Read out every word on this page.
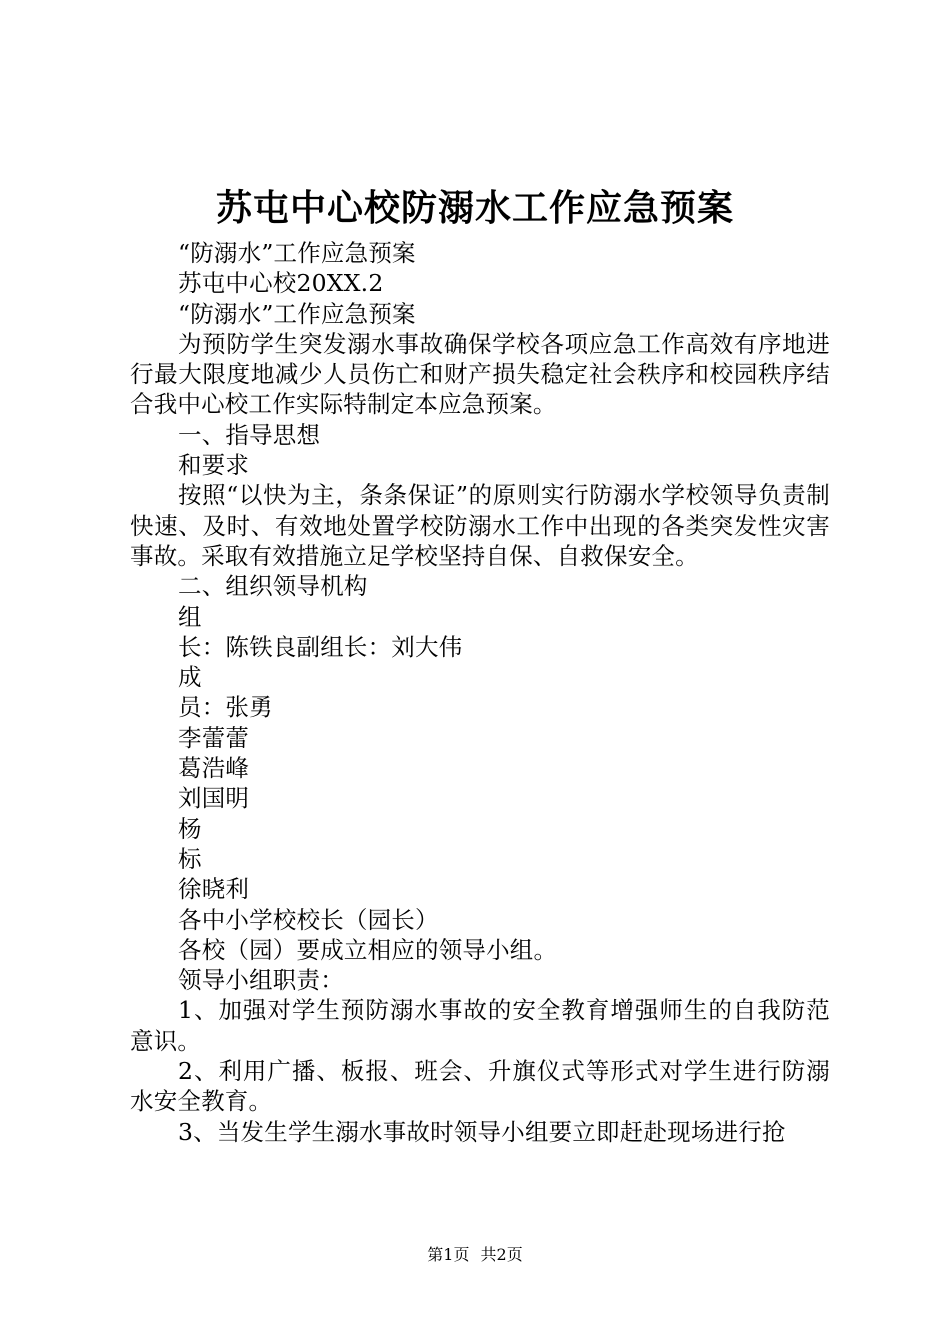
苏屯中心校防溺水工作应急预案

“防溺水”工作应急预案

苏屯中心校20XX.2

“防溺水”工作应急预案

为预防学生突发溺水事故确保学校各项应急工作高效有序地进行最大限度地减少人员伤亡和财产损失稳定社会秩序和校园秩序结合我中心校工作实际特制定本应急预案。

一、指导思想

和要求

按照“以快为主，条条保证”的原则实行防溺水学校领导负责制快速、及时、有效地处置学校防溺水工作中出现的各类突发性灾害事故。采取有效措施立足学校坚持自保、自救保安全。

二、组织领导机构

组

长：陈铁良副组长：刘大伟

成

员：张勇

李蕾蕾

葛浩峰

刘国明

杨

标

徐晓利

各中小学校校长（园长）

各校（园）要成立相应的领导小组。

领导小组职责：

1、加强对学生预防溺水事故的安全教育增强师生的自我防范意识。

2、利用广播、板报、班会、升旗仪式等形式对学生进行防溺水安全教育。

3、当发生学生溺水事故时领导小组要立即赶赴现场进行抢

第1页 共2页
